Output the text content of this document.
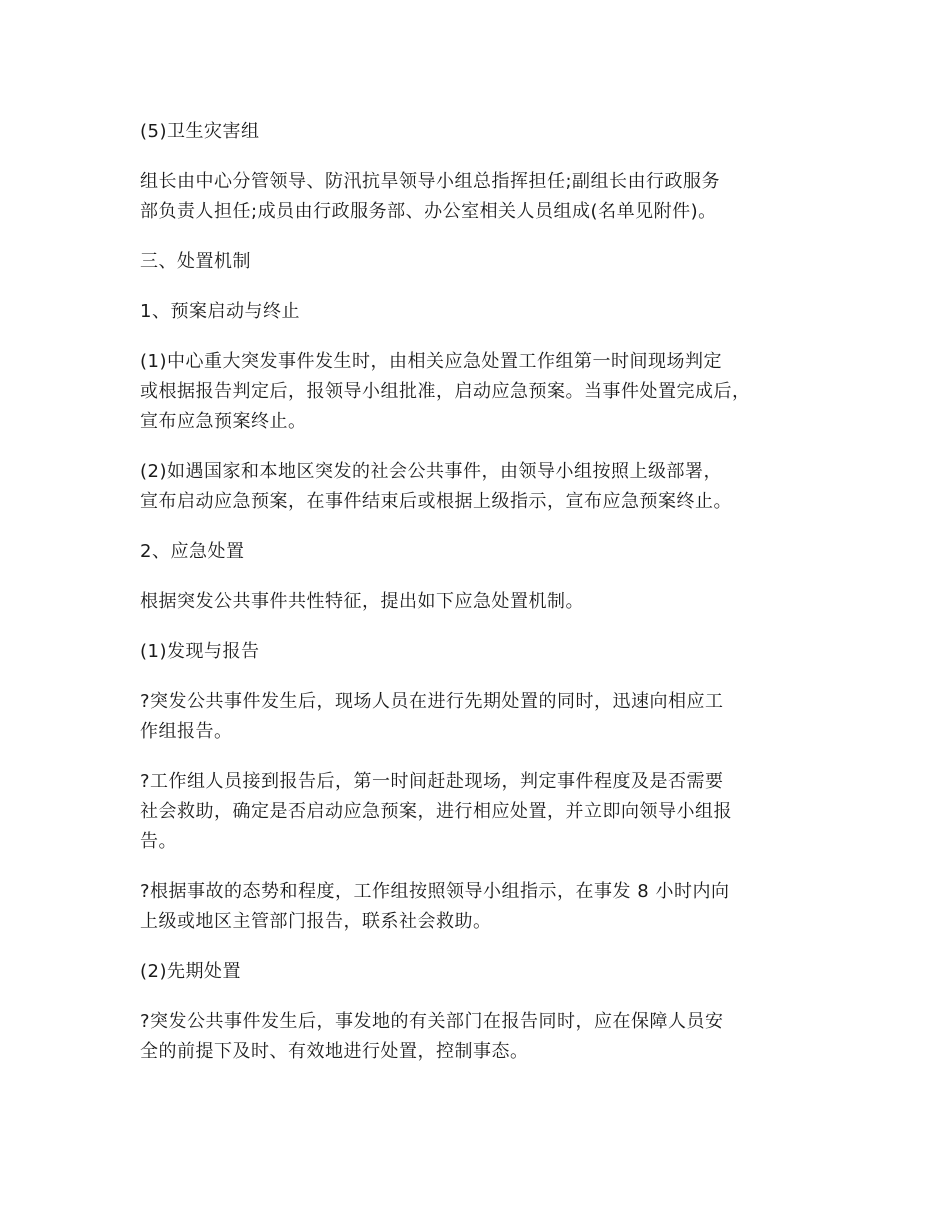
(5)卫生灾害组
组长由中心分管领导、防汛抗旱领导小组总指挥担任;副组长由行政服务
部负责人担任;成员由行政服务部、办公室相关人员组成(名单见附件)。
三、处置机制
1、预案启动与终止
(1)中心重大突发事件发生时，由相关应急处置工作组第一时间现场判定
或根据报告判定后，报领导小组批准，启动应急预案。当事件处置完成后，
宣布应急预案终止。
(2)如遇国家和本地区突发的社会公共事件，由领导小组按照上级部署，
宣布启动应急预案，在事件结束后或根据上级指示，宣布应急预案终止。
2、应急处置
根据突发公共事件共性特征，提出如下应急处置机制。
(1)发现与报告
?突发公共事件发生后，现场人员在进行先期处置的同时，迅速向相应工
作组报告。
?工作组人员接到报告后，第一时间赶赴现场，判定事件程度及是否需要
社会救助，确定是否启动应急预案，进行相应处置，并立即向领导小组报
告。
?根据事故的态势和程度，工作组按照领导小组指示，在事发 8 小时内向
上级或地区主管部门报告，联系社会救助。
(2)先期处置
?突发公共事件发生后，事发地的有关部门在报告同时，应在保障人员安
全的前提下及时、有效地进行处置，控制事态。
